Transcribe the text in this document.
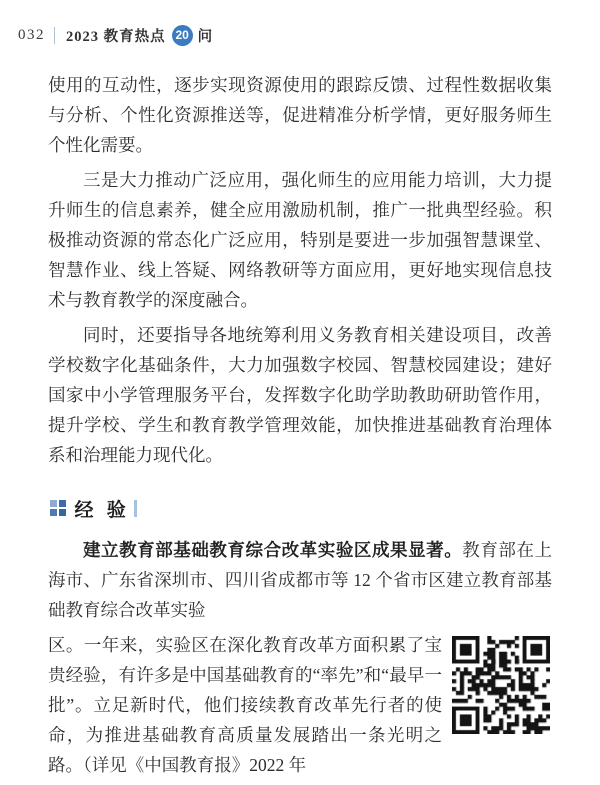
032 2023 教育热点 20 问

使用的互动性，逐步实现资源使用的跟踪反馈、过程性数据收集与分析、个性化资源推送等，促进精准分析学情，更好服务师生个性化需要。

三是大力推动广泛应用，强化师生的应用能力培训，大力提升师生的信息素养，健全应用激励机制，推广一批典型经验。积极推动资源的常态化广泛应用，特别是要进一步加强智慧课堂、智慧作业、线上答疑、网络教研等方面应用，更好地实现信息技术与教育教学的深度融合。

同时，还要指导各地统筹利用义务教育相关建设项目，改善学校数字化基础条件，大力加强数字校园、智慧校园建设；建好国家中小学管理服务平台，发挥数字化助学助教助研助管作用，提升学校、学生和教育教学管理效能，加快推进基础教育治理体系和治理能力现代化。

经 验
建立教育部基础教育综合改革实验区成果显著。教育部在上海市、广东省深圳市、四川省成都市等 12 个省市区建立教育部基础教育综合改革实验
区。一年来，实验区在深化教育改革方面积累了宝贵经验，有许多是中国基础教育的“率先”和“最早一批”。立足新时代，他们接续教育改革先行者的使命，为推进基础教育高质量发展踏出一条光明之路。（详见《中国教育报》2022 年
